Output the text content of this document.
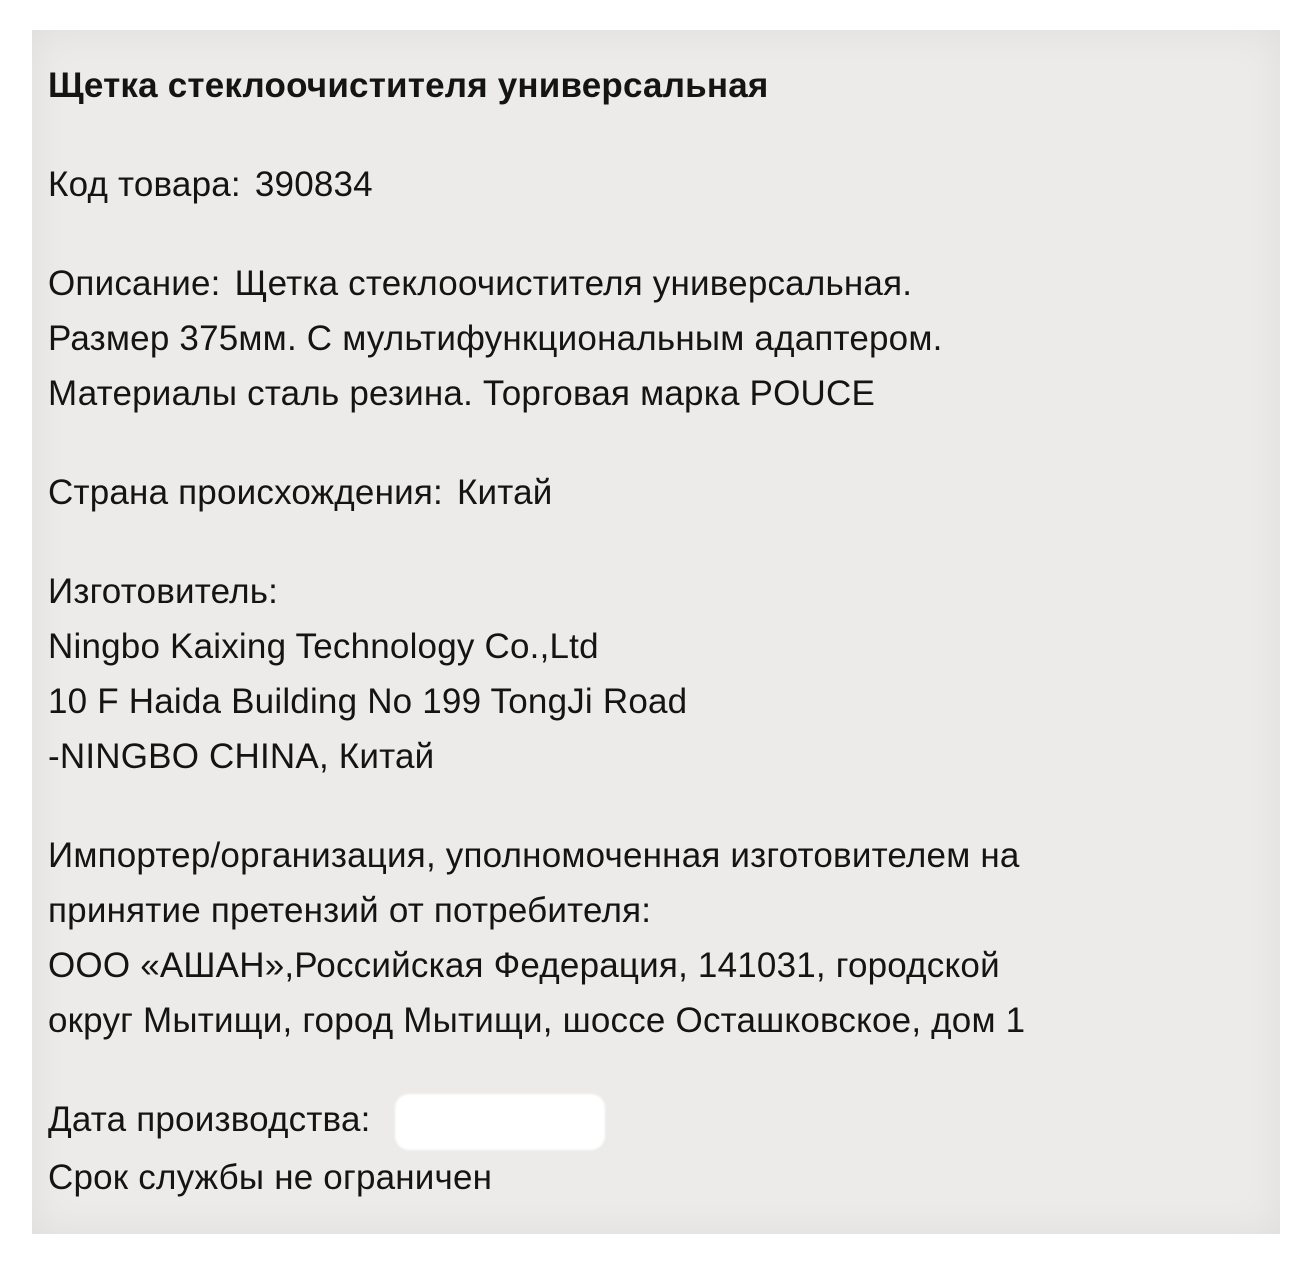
Щетка стеклоочистителя универсальная
Код товара: 390834
Описание: Щетка стеклоочистителя универсальная.
Размер 375мм. С мультифункциональным адаптером.
Материалы сталь резина. Торговая марка POUCE
Страна происхождения: Китай
Изготовитель:
Ningbo Kaixing Technology Co.,Ltd
10 F Haida Building No 199 TongJi Road
-NINGBO CHINA, Китай
Импортер/организация, уполномоченная изготовителем на
принятие претензий от потребителя:
ООО «АШАН»,Российская Федерация, 141031, городской
округ Мытищи, город Мытищи, шоссе Осташковское, дом 1
Дата производства:
Срок службы не ограничен
